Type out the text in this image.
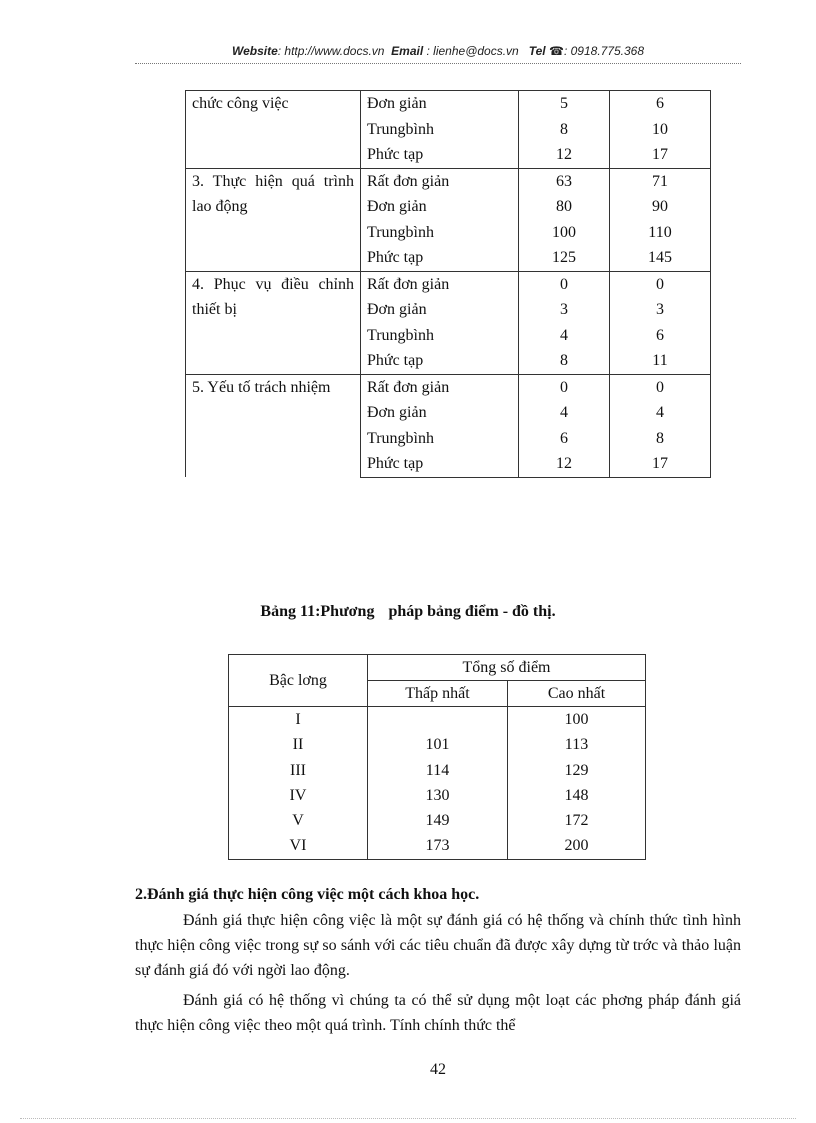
Website: http://www.docs.vn Email : lienhe@docs.vn Tel ☎: 0918.775.368
chức công việc	Đơn giản	5	6
	Trungbình	8	10
	Phức tạp	12	17

3. Thực hiện quá trình lao động	Rất đơn giản	63	71
	Đơn giản	80	90
	Trungbình	100	110
	Phức tạp	125	145

4. Phục vụ điều chỉnh thiết bị	Rất đơn giản	0	0
	Đơn giản	3	3
	Trungbình	4	6
	Phức tạp	8	11

5. Yếu tố trách nhiệm	Rất đơn giản	0	0
	Đơn giản	4	4
	Trungbình	6	8
	Phức tạp	12	17
Bảng 11:Phương pháp bảng điểm - đồ thị.
Bậc lơng	Tổng số điểm	
	Thấp nhất	Cao nhất
I		100
II	101	113
III	114	129
IV	130	148
V	149	172
VI	173	200
2.Đánh giá thực hiện công việc một cách khoa học.
Đánh giá thực hiện công việc là một sự đánh giá có hệ thống và chính thức tình hình thực hiện công việc trong sự so sánh với các tiêu chuẩn đã được xây dựng từ trớc và thảo luận sự đánh giá đó với ngời lao động.
Đánh giá có hệ thống vì chúng ta có thể sử dụng một loạt các phơng pháp đánh giá thực hiện công việc theo một quá trình. Tính chính thức thể
42
